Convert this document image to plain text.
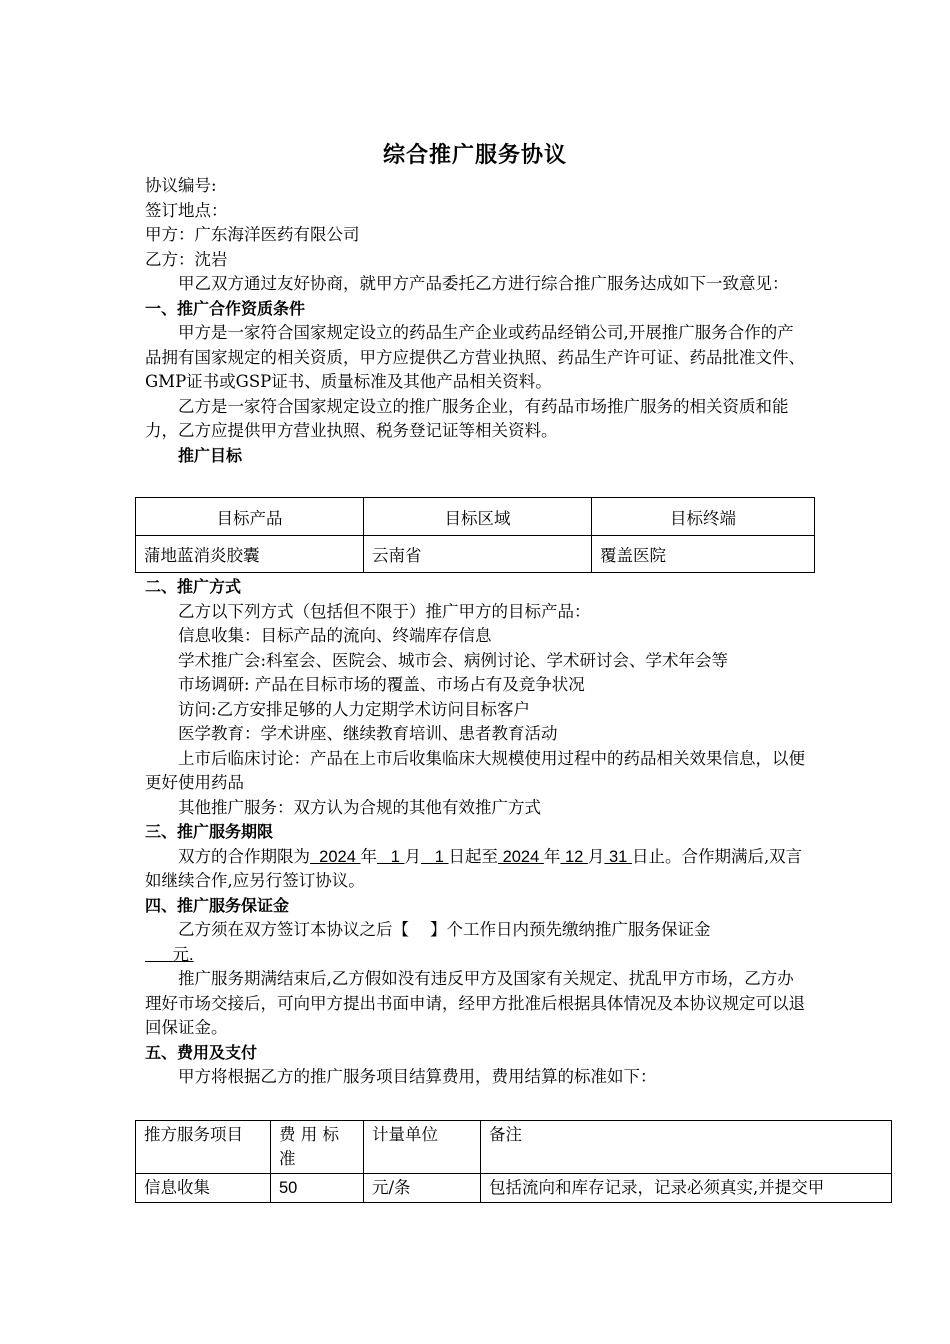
综合推广服务协议
协议编号:
签订地点：
甲方：广东海洋医药有限公司
乙方：沈岩
甲乙双方通过友好协商，就甲方产品委托乙方进行综合推广服务达成如下一致意见：
一、推广合作资质条件
甲方是一家符合国家规定设立的药品生产企业或药品经销公司,开展推广服务合作的产品拥有国家规定的相关资质，甲方应提供乙方营业执照、药品生产许可证、药品批准文件、GMP证书或GSP证书、质量标准及其他产品相关资料。
乙方是一家符合国家规定设立的推广服务企业，有药品市场推广服务的相关资质和能力，乙方应提供甲方营业执照、税务登记证等相关资料。
推广目标
目标产品	目标区域	目标终端
蒲地蓝消炎胶囊	云南省	覆盖医院
二、推广方式
乙方以下列方式（包括但不限于）推广甲方的目标产品：
信息收集：目标产品的流向、终端库存信息
学术推广会:科室会、医院会、城市会、病例讨论、学术研讨会、学术年会等
市场调研: 产品在目标市场的覆盖、市场占有及竞争状况
访问:乙方安排足够的人力定期学术访问目标客户
医学教育：学术讲座、继续教育培训、患者教育活动
上市后临床讨论：产品在上市后收集临床大规模使用过程中的药品相关效果信息，以便更好使用药品
其他推广服务：双方认为合规的其他有效推广方式
三、推广服务期限
双方的合作期限为  2024 年   1 月   1 日起至 2024 年 12 月 31 日止。合作期满后,双言如继续合作,应另行签订协议。
四、推广服务保证金
乙方须在双方签订本协议之后【    】个工作日内预先缴纳推广服务保证金
元.
推广服务期满结束后,乙方假如没有违反甲方及国家有关规定、扰乱甲方市场，乙方办理好市场交接后，可向甲方提出书面申请，经甲方批准后根据具体情况及本协议规定可以退回保证金。
五、费用及支付
甲方将根据乙方的推广服务项目结算费用，费用结算的标准如下：
推方服务项目	费 用 标准	计量单位	备注
信息收集	50	元/条	包括流向和库存记录，记录必须真实,并提交甲
